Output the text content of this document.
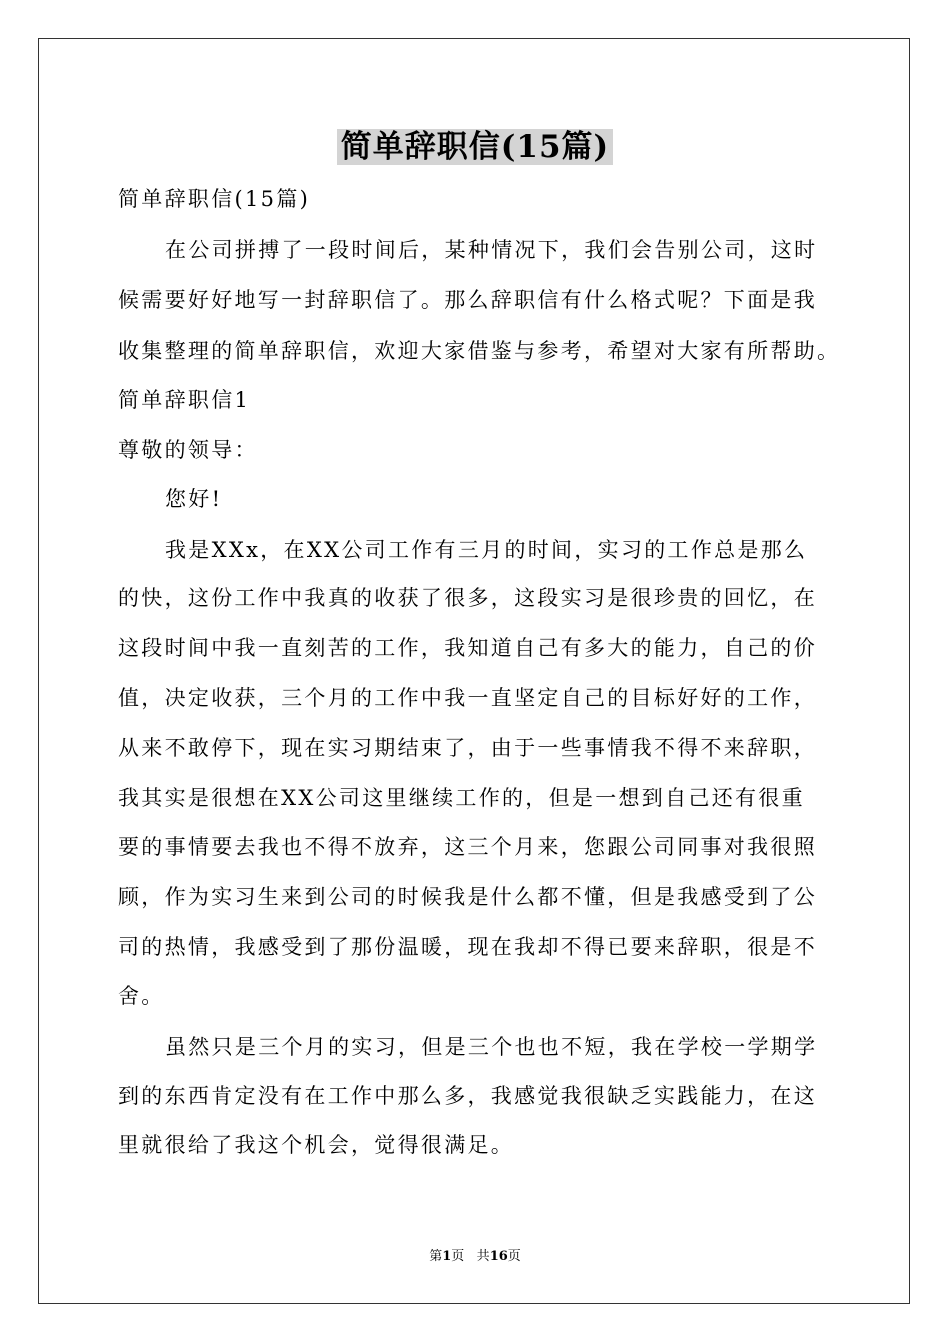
简单辞职信(15篇)
简单辞职信(15篇)
在公司拼搏了一段时间后，某种情况下，我们会告别公司，这时
候需要好好地写一封辞职信了。那么辞职信有什么格式呢？下面是我
收集整理的简单辞职信，欢迎大家借鉴与参考，希望对大家有所帮助。
简单辞职信1
尊敬的领导：
您好!
我是XXx，在XX公司工作有三月的时间，实习的工作总是那么
的快，这份工作中我真的收获了很多，这段实习是很珍贵的回忆，在
这段时间中我一直刻苦的工作，我知道自己有多大的能力，自己的价
值，决定收获，三个月的工作中我一直坚定自己的目标好好的工作，
从来不敢停下，现在实习期结束了，由于一些事情我不得不来辞职，
我其实是很想在XX公司这里继续工作的，但是一想到自己还有很重
要的事情要去我也不得不放弃，这三个月来，您跟公司同事对我很照
顾，作为实习生来到公司的时候我是什么都不懂，但是我感受到了公
司的热情，我感受到了那份温暖，现在我却不得已要来辞职，很是不
舍。
虽然只是三个月的实习，但是三个也也不短，我在学校一学期学
到的东西肯定没有在工作中那么多，我感觉我很缺乏实践能力，在这
里就很给了我这个机会，觉得很满足。
第1页 共16页
